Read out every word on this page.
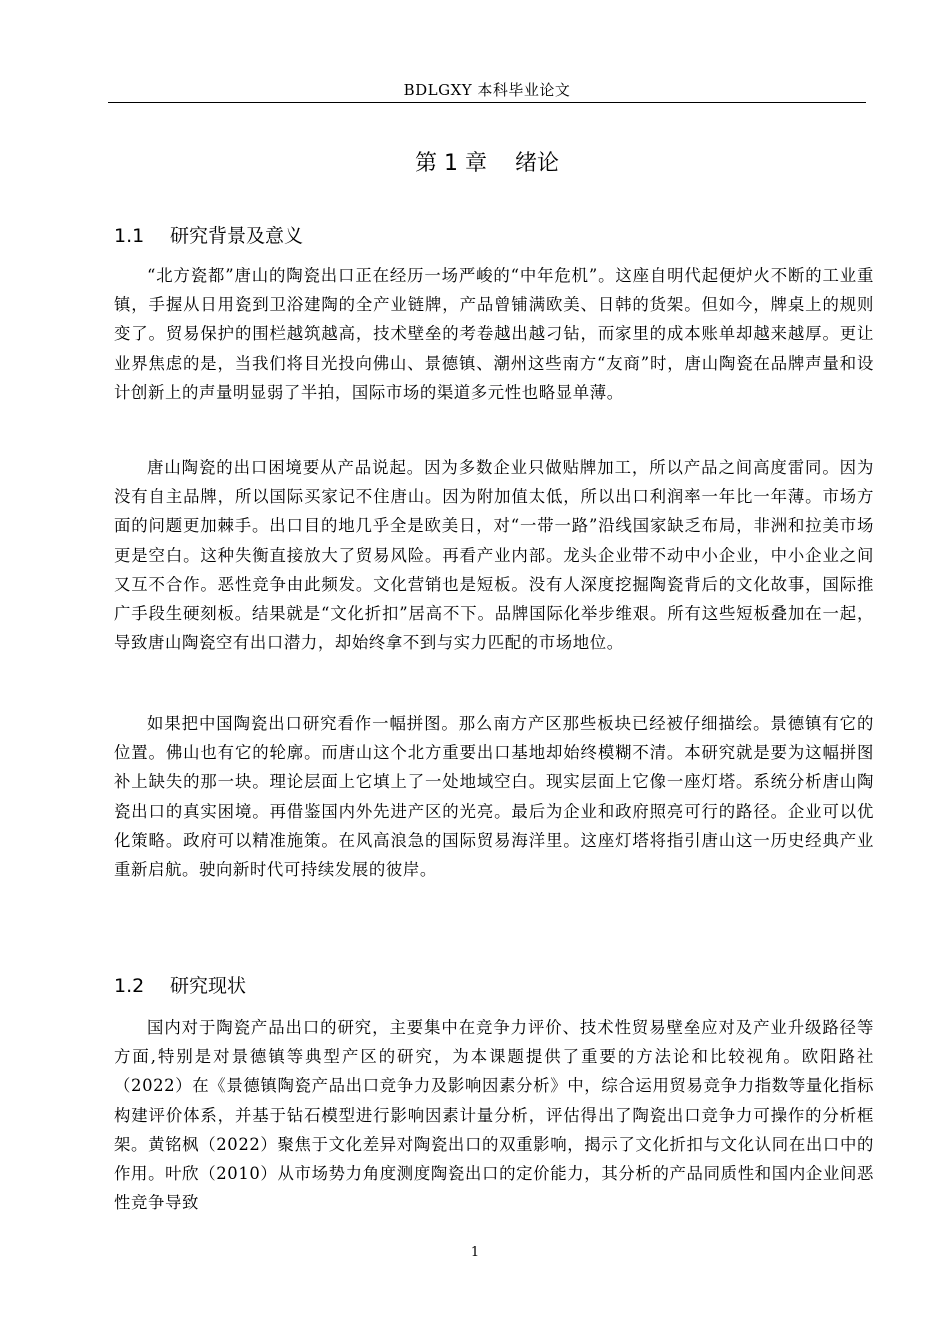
BDLGXY 本科毕业论文
第 1 章 绪论
1.1 研究背景及意义

“北方瓷都”唐山的陶瓷出口正在经历一场严峻的“中年危机”。这座自明代起便炉火不断的工业重镇，手握从日用瓷到卫浴建陶的全产业链牌，产品曾铺满欧美、日韩的货架。但如今，牌桌上的规则变了。贸易保护的围栏越筑越高，技术壁垒的考卷越出越刁钻，而家里的成本账单却越来越厚。更让业界焦虑的是，当我们将目光投向佛山、景德镇、潮州这些南方“友商”时，唐山陶瓷在品牌声量和设计创新上的声量明显弱了半拍，国际市场的渠道多元性也略显单薄。

唐山陶瓷的出口困境要从产品说起。因为多数企业只做贴牌加工，所以产品之间高度雷同。因为没有自主品牌，所以国际买家记不住唐山。因为附加值太低，所以出口利润率一年比一年薄。市场方面的问题更加棘手。出口目的地几乎全是欧美日，对“一带一路”沿线国家缺乏布局，非洲和拉美市场更是空白。这种失衡直接放大了贸易风险。再看产业内部。龙头企业带不动中小企业，中小企业之间又互不合作。恶性竞争由此频发。文化营销也是短板。没有人深度挖掘陶瓷背后的文化故事，国际推广手段生硬刻板。结果就是“文化折扣”居高不下。品牌国际化举步维艰。所有这些短板叠加在一起，导致唐山陶瓷空有出口潜力，却始终拿不到与实力匹配的市场地位。

如果把中国陶瓷出口研究看作一幅拼图。那么南方产区那些板块已经被仔细描绘。景德镇有它的位置。佛山也有它的轮廓。而唐山这个北方重要出口基地却始终模糊不清。本研究就是要为这幅拼图补上缺失的那一块。理论层面上它填上了一处地域空白。现实层面上它像一座灯塔。系统分析唐山陶瓷出口的真实困境。再借鉴国内外先进产区的光亮。最后为企业和政府照亮可行的路径。企业可以优化策略。政府可以精准施策。在风高浪急的国际贸易海洋里。这座灯塔将指引唐山这一历史经典产业重新启航。驶向新时代可持续发展的彼岸。

1.2 研究现状

国内对于陶瓷产品出口的研究，主要集中在竞争力评价、技术性贸易壁垒应对及产业升级路径等方面,特别是对景德镇等典型产区的研究，为本课题提供了重要的方法论和比较视角。欧阳路社（2022）在《景德镇陶瓷产品出口竞争力及影响因素分析》中，综合运用贸易竞争力指数等量化指标构建评价体系，并基于钻石模型进行影响因素计量分析，评估得出了陶瓷出口竞争力可操作的分析框架。黄铭枫（2022）聚焦于文化差异对陶瓷出口的双重影响，揭示了文化折扣与文化认同在出口中的作用。叶欣（2010）从市场势力角度测度陶瓷出口的定价能力，其分析的产品同质性和国内企业间恶性竞争导致

1
